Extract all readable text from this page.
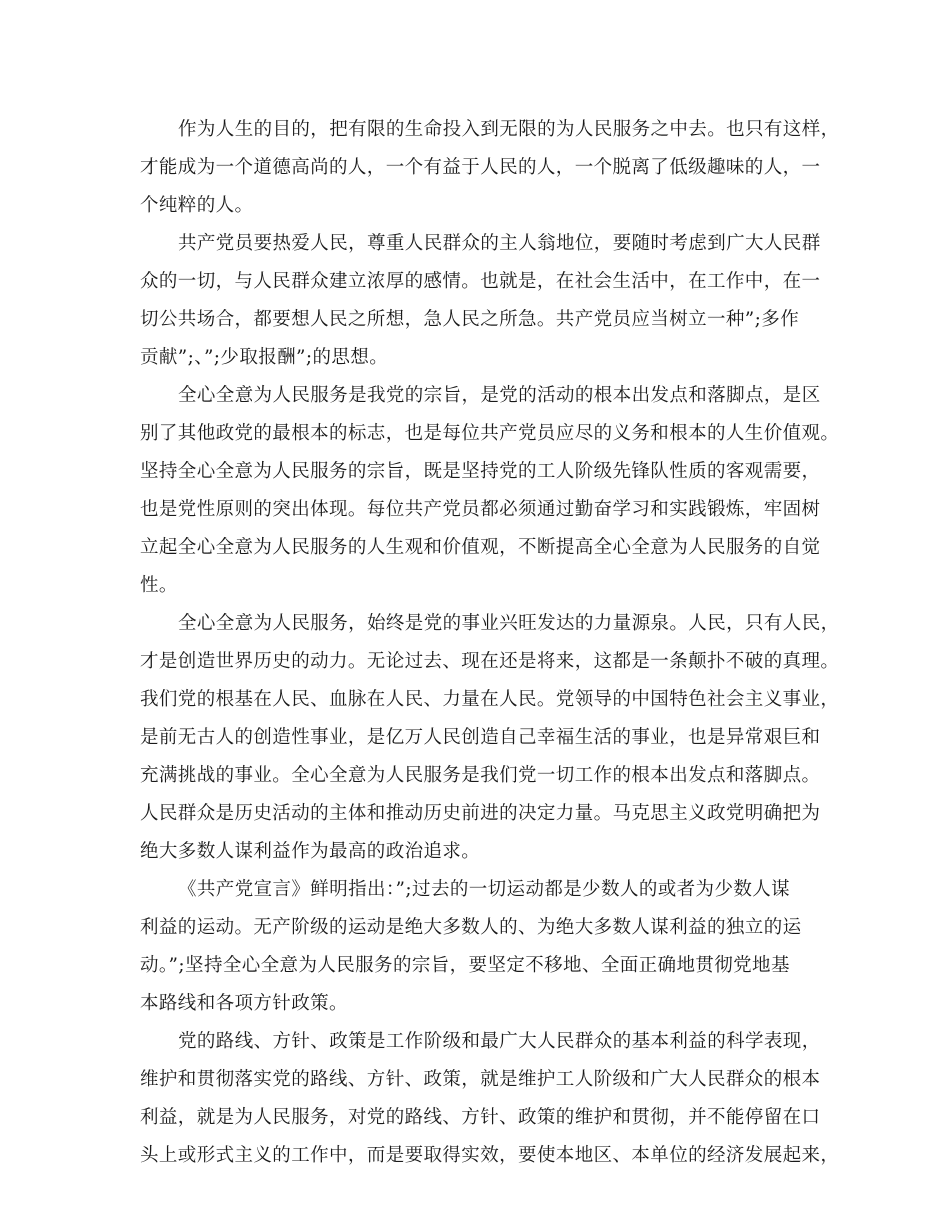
作为人生的目的，把有限的生命投入到无限的为人民服务之中去。也只有这样，
才能成为一个道德高尚的人，一个有益于人民的人，一个脱离了低级趣味的人，一
个纯粹的人。
共产党员要热爱人民，尊重人民群众的主人翁地位，要随时考虑到广大人民群
众的一切，与人民群众建立浓厚的感情。也就是，在社会生活中，在工作中，在一
切公共场合，都要想人民之所想，急人民之所急。共产党员应当树立一种”;多作
贡献”;、”;少取报酬”;的思想。
全心全意为人民服务是我党的宗旨，是党的活动的根本出发点和落脚点，是区
别了其他政党的最根本的标志，也是每位共产党员应尽的义务和根本的人生价值观。
坚持全心全意为人民服务的宗旨，既是坚持党的工人阶级先锋队性质的客观需要，
也是党性原则的突出体现。每位共产党员都必须通过勤奋学习和实践锻炼，牢固树
立起全心全意为人民服务的人生观和价值观，不断提高全心全意为人民服务的自觉
性。
全心全意为人民服务，始终是党的事业兴旺发达的力量源泉。人民，只有人民，
才是创造世界历史的动力。无论过去、现在还是将来，这都是一条颠扑不破的真理。
我们党的根基在人民、血脉在人民、力量在人民。党领导的中国特色社会主义事业，
是前无古人的创造性事业，是亿万人民创造自己幸福生活的事业，也是异常艰巨和
充满挑战的事业。全心全意为人民服务是我们党一切工作的根本出发点和落脚点。
人民群众是历史活动的主体和推动历史前进的决定力量。马克思主义政党明确把为
绝大多数人谋利益作为最高的政治追求。
《共产党宣言》鲜明指出：”;过去的一切运动都是少数人的或者为少数人谋
利益的运动。无产阶级的运动是绝大多数人的、为绝大多数人谋利益的独立的运
动。”;坚持全心全意为人民服务的宗旨，要坚定不移地、全面正确地贯彻党地基
本路线和各项方针政策。
党的路线、方针、政策是工作阶级和最广大人民群众的基本利益的科学表现，
维护和贯彻落实党的路线、方针、政策，就是维护工人阶级和广大人民群众的根本
利益，就是为人民服务，对党的路线、方针、政策的维护和贯彻，并不能停留在口
头上或形式主义的工作中，而是要取得实效，要使本地区、本单位的经济发展起来，
